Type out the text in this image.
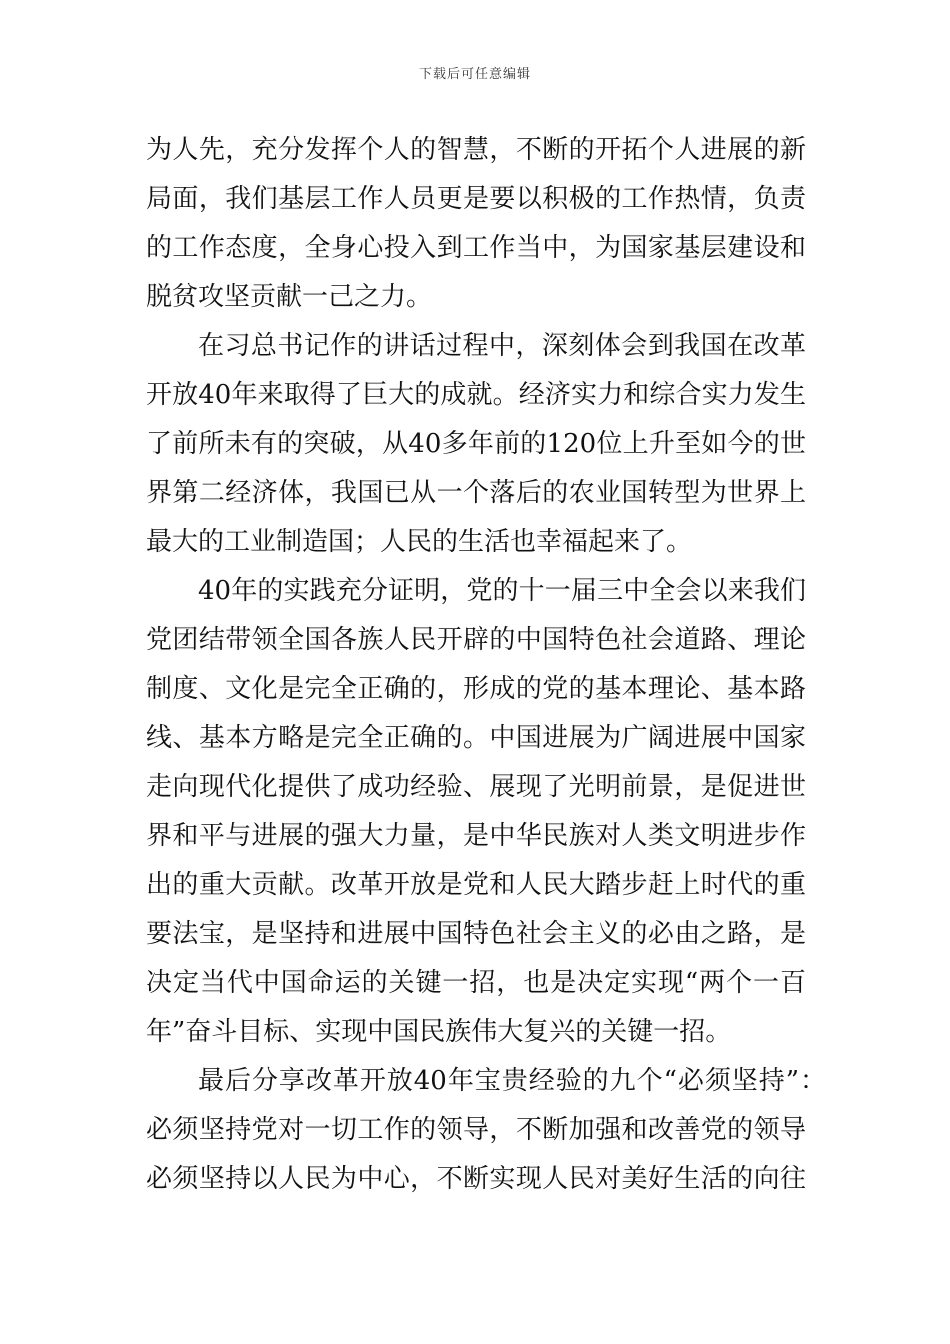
下载后可任意编辑
为人先，充分发挥个人的智慧，不断的开拓个人进展的新
局面，我们基层工作人员更是要以积极的工作热情，负责
的工作态度，全身心投入到工作当中，为国家基层建设和
脱贫攻坚贡献一己之力。
在习总书记作的讲话过程中，深刻体会到我国在改革
开放40年来取得了巨大的成就。经济实力和综合实力发生
了前所未有的突破，从40多年前的120位上升至如今的世
界第二经济体，我国已从一个落后的农业国转型为世界上
最大的工业制造国；人民的生活也幸福起来了。
40年的实践充分证明，党的十一届三中全会以来我们
党团结带领全国各族人民开辟的中国特色社会道路、理论
制度、文化是完全正确的，形成的党的基本理论、基本路
线、基本方略是完全正确的。中国进展为广阔进展中国家
走向现代化提供了成功经验、展现了光明前景，是促进世
界和平与进展的强大力量，是中华民族对人类文明进步作
出的重大贡献。改革开放是党和人民大踏步赶上时代的重
要法宝，是坚持和进展中国特色社会主义的必由之路，是
决定当代中国命运的关键一招，也是决定实现“两个一百
年”奋斗目标、实现中国民族伟大复兴的关键一招。
最后分享改革开放40年宝贵经验的九个“必须坚持”：
必须坚持党对一切工作的领导，不断加强和改善党的领导
必须坚持以人民为中心，不断实现人民对美好生活的向往
